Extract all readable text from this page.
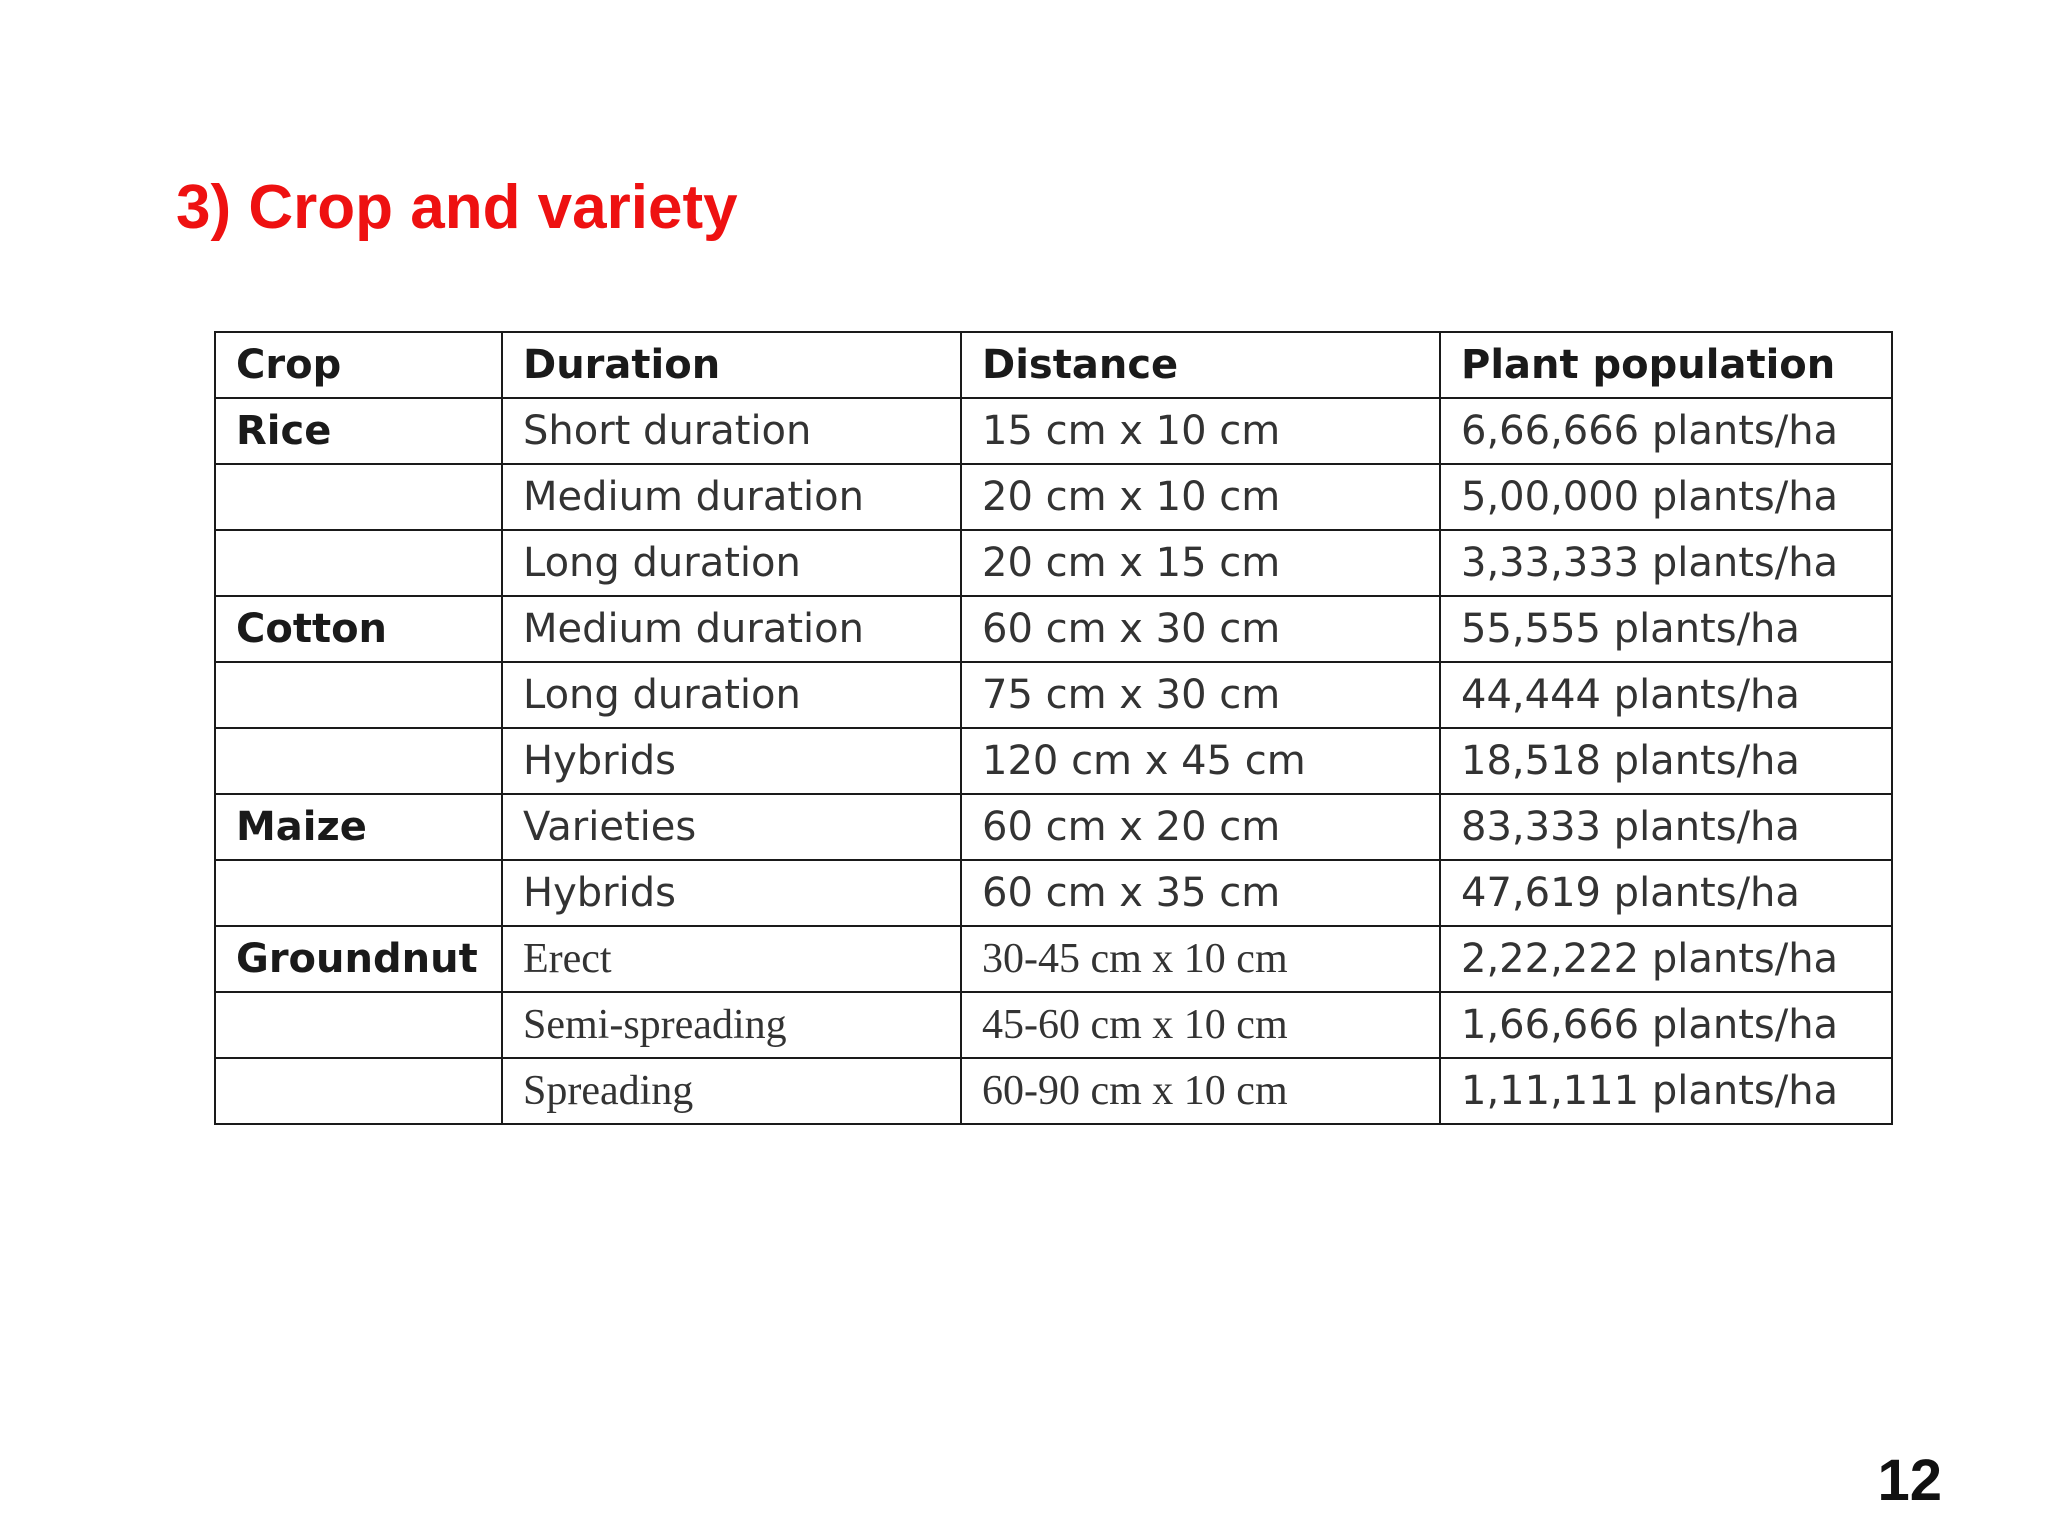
3) Crop and variety
Crop	Duration	Distance	Plant population
Rice	Short duration	15 cm x 10 cm	6,66,666 plants/ha
	Medium duration	20 cm x 10 cm	5,00,000 plants/ha
	Long duration	20 cm x 15 cm	3,33,333 plants/ha
Cotton	Medium duration	60 cm x 30 cm	55,555 plants/ha
	Long duration	75 cm x 30 cm	44,444 plants/ha
	Hybrids	120 cm x 45 cm	18,518 plants/ha
Maize	Varieties	60 cm x 20 cm	83,333 plants/ha
	Hybrids	60 cm x 35 cm	47,619 plants/ha
Groundnut	Erect	30-45 cm x 10 cm	2,22,222 plants/ha
	Semi-spreading	45-60 cm x 10 cm	1,66,666 plants/ha
	Spreading	60-90 cm x 10 cm	1,11,111 plants/ha
12
